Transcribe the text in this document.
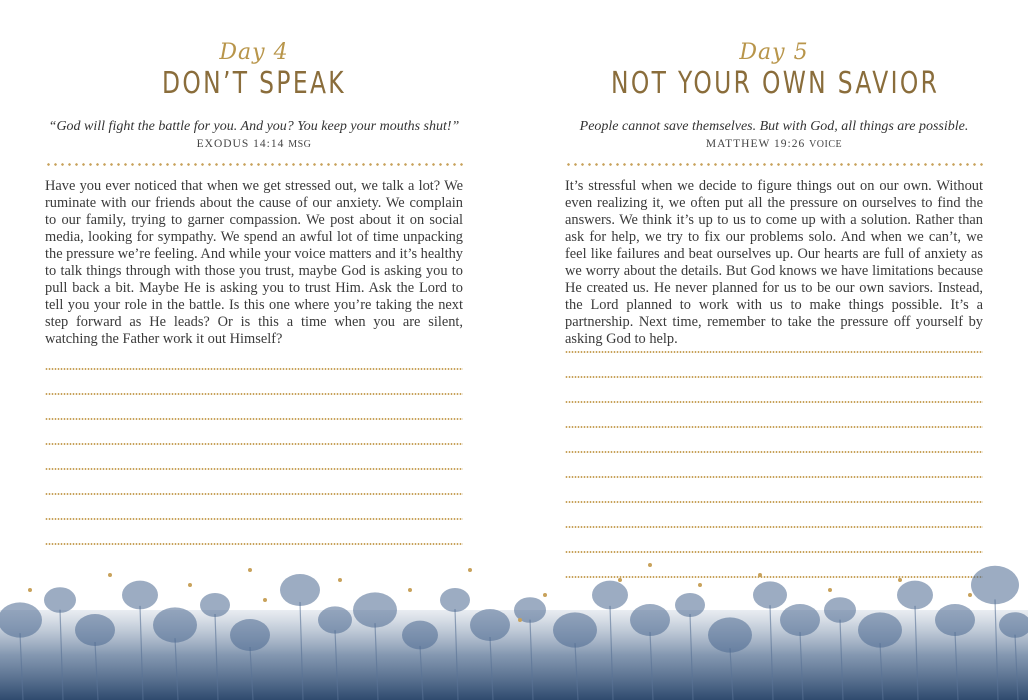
Day 4
DON’T SPEAK
“God will fight the battle for you. And you? You keep your mouths shut!”
EXODUS 14:14 MSG
Have you ever noticed that when we get stressed out, we talk a lot? We ruminate with our friends about the cause of our anxiety. We complain to our family, trying to garner compassion. We post about it on social media, looking for sympathy. We spend an awful lot of time unpacking the pressure we’re feeling. And while your voice matters and it’s healthy to talk things through with those you trust, maybe God is asking you to pull back a bit. Maybe He is asking you to trust Him. Ask the Lord to tell you your role in the battle. Is this one where you’re taking the next step forward as He leads? Or is this a time when you are silent, watching the Father work it out Himself?
Day 5
NOT YOUR OWN SAVIOR
People cannot save themselves. But with God, all things are possible.
MATTHEW 19:26 VOICE
It’s stressful when we decide to figure things out on our own. Without even realizing it, we often put all the pressure on ourselves to find the answers. We think it’s up to us to come up with a solution. Rather than ask for help, we try to fix our problems solo. And when we can’t, we feel like failures and beat ourselves up. Our hearts are full of anxiety as we worry about the details. But God knows we have limitations because He created us. He never planned for us to be our own saviors. Instead, the Lord planned to work with us to make things possible. It’s a partnership. Next time, remember to take the pressure off yourself by asking God to help.
